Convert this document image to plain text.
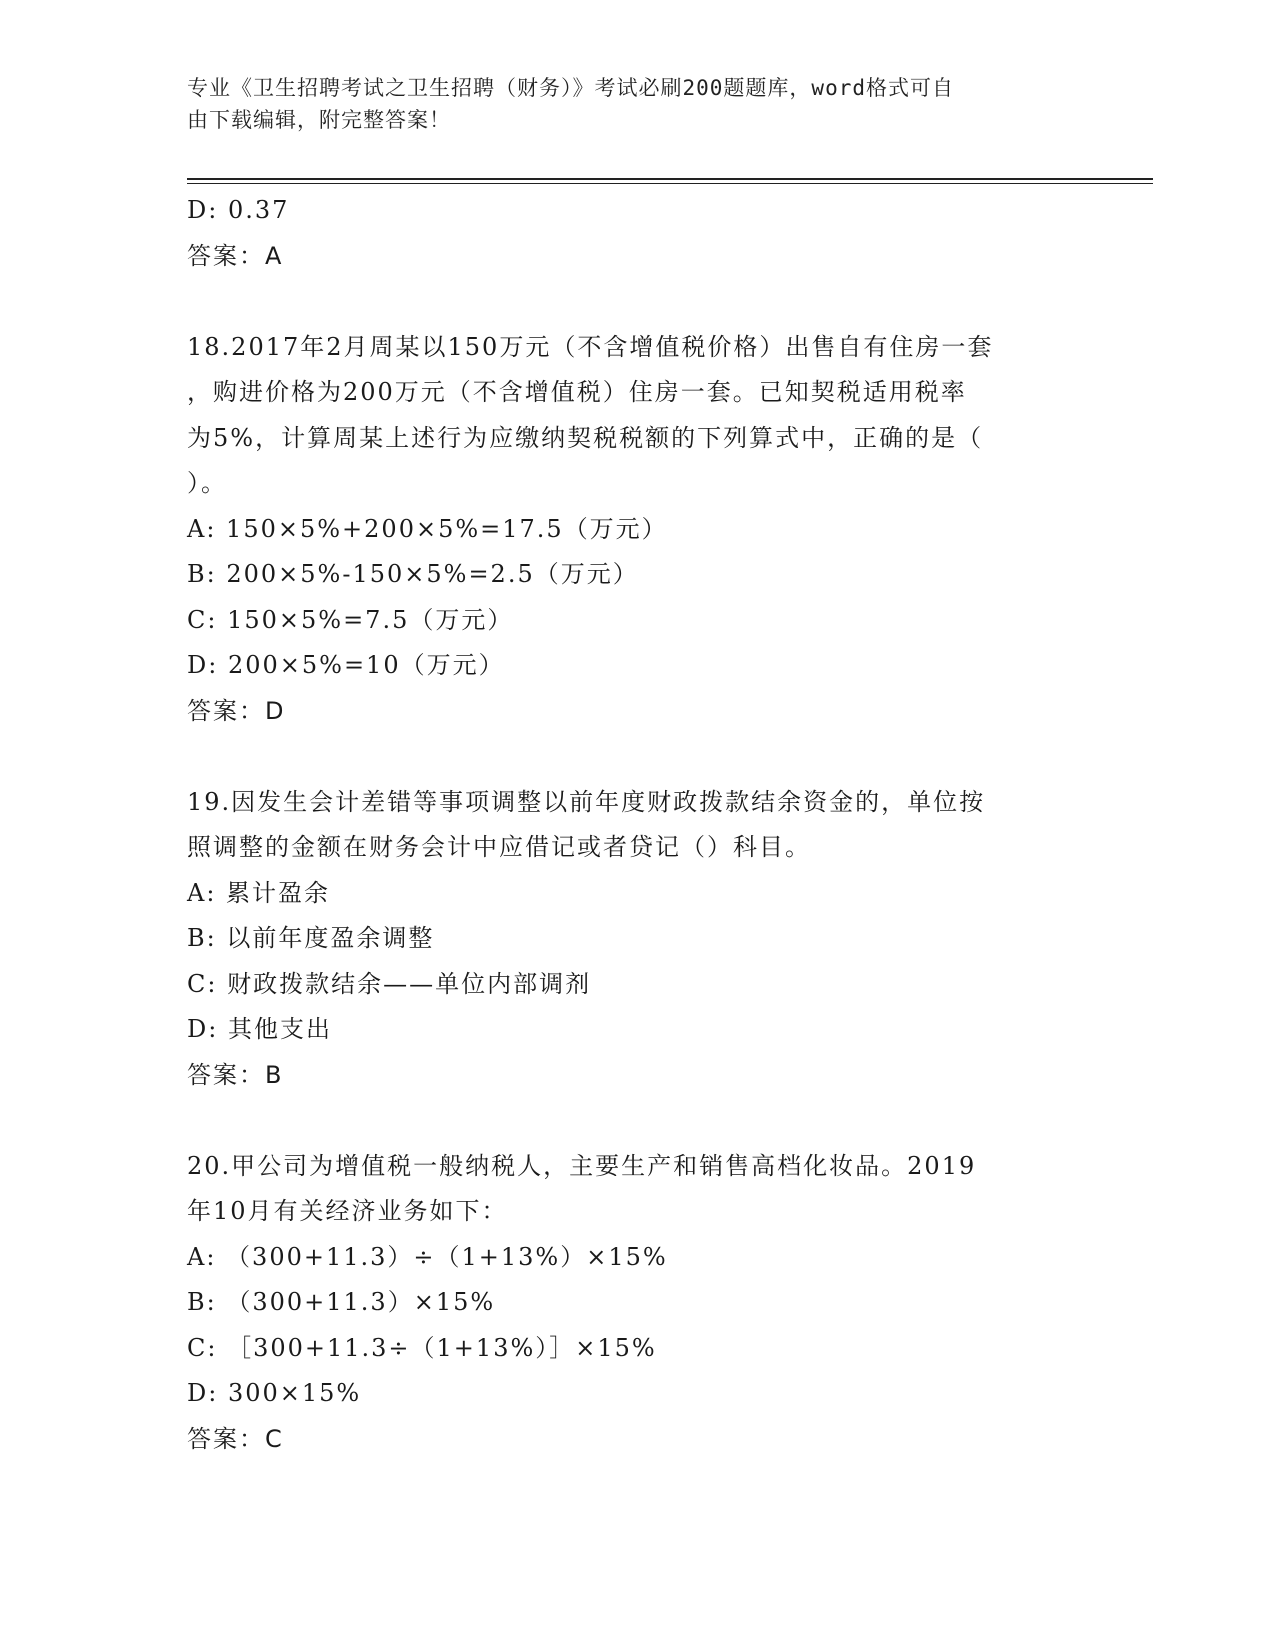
专业《卫生招聘考试之卫生招聘（财务）》考试必刷200题题库，word格式可自
由下载编辑，附完整答案！
D: 0.37
答案：A
18.2017年2月周某以150万元（不含增值税价格）出售自有住房一套
，购进价格为200万元（不含增值税）住房一套。已知契税适用税率
为5%，计算周某上述行为应缴纳契税税额的下列算式中，正确的是（
）。
A: 150×5%+200×5%=17.5（万元）
B: 200×5%-150×5%=2.5（万元）
C: 150×5%=7.5（万元）
D: 200×5%=10（万元）
答案：D
19.因发生会计差错等事项调整以前年度财政拨款结余资金的，单位按
照调整的金额在财务会计中应借记或者贷记（）科目。
A: 累计盈余
B: 以前年度盈余调整
C: 财政拨款结余——单位内部调剂
D: 其他支出
答案：B
20.甲公司为增值税一般纳税人，主要生产和销售高档化妆品。2019
年10月有关经济业务如下：
A: （300+11.3）÷（1+13%）×15%
B: （300+11.3）×15%
C: ［300+11.3÷（1+13%）］×15%
D: 300×15%
答案：C
